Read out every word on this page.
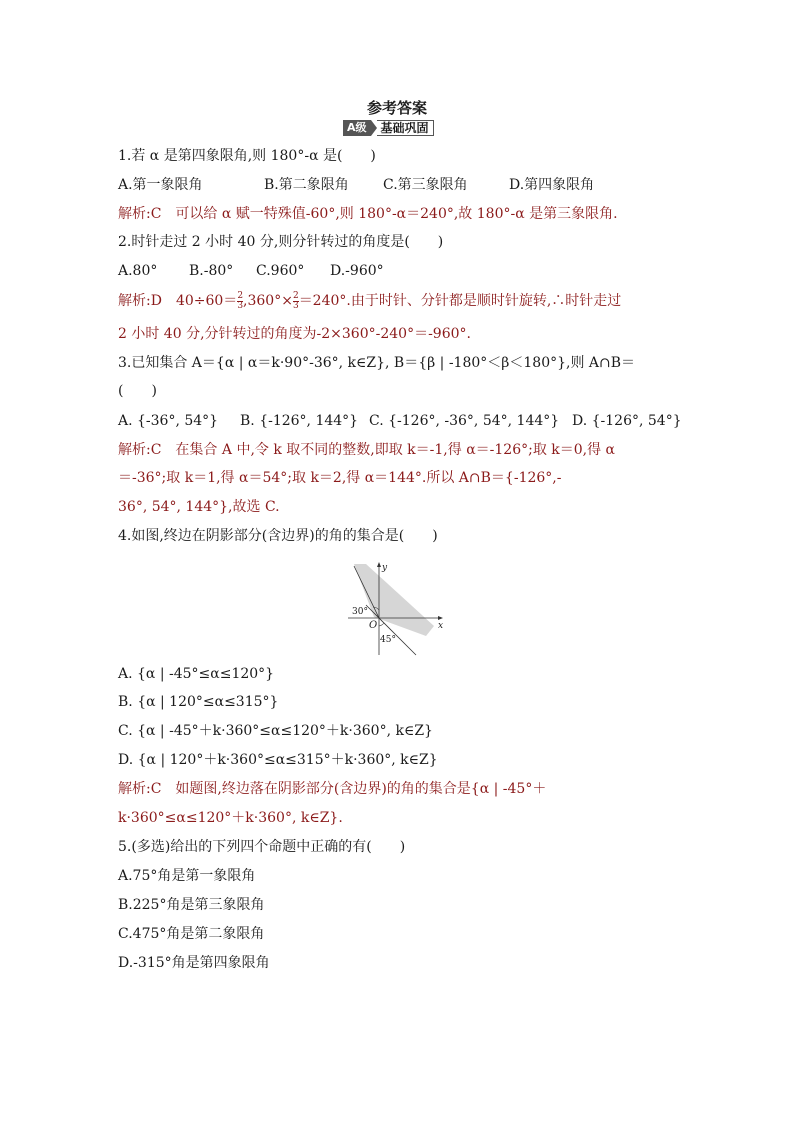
参考答案
A级	基础巩固
1.若 α 是第四象限角,则 180°-α 是(　　)
A.第一象限角	B.第二象限角 C.第三象限角	D.第四象限角
解析:C　可以给 α 赋一特殊值-60°,则 180°-α＝240°,故 180°-α 是第三象限角.
2.时针走过 2 小时 40 分,则分针转过的角度是(　　)
A.80° B.-80° C.960° D.-960°
解析:D　$40\div 60= \frac{2}{3} ,360^\circ\times \frac{2}{3} =240^\circ$.由于时针、分针都是顺时针旋转,∴时针走过
2 小时 40 分,分针转过的角度为-2×360°-240°＝-960°.
3.已知集合 A＝{α | α＝k·90°-36°, k∈Z}, B＝{β | -180°＜β＜180°},则 A∩B＝
(　　)
A. {-36°, 54°} B. {-126°, 144°} C. {-126°, -36°, 54°, 144°} D. {-126°, 54°}
解析:C　在集合 A 中,令 k 取不同的整数,即取 k＝-1,得 α＝-126°;取 k＝0,得 α
＝-36°;取 k＝1,得 α＝54°;取 k＝2,得 α＝144°.所以 A∩B＝{-126°,-
36°, 54°, 144°},故选 C.
4.如图,终边在阴影部分(含边界)的角的集合是(　　)
30°
45°
O	x
y
A. {α | -45°≤α≤120°}
B. {α | 120°≤α≤315°}
C. {α | -45°＋k·360°≤α≤120°＋k·360°, k∈Z}
D. {α | 120°＋k·360°≤α≤315°＋k·360°, k∈Z}
解析:C　如题图,终边落在阴影部分(含边界)的角的集合是{α | -45°＋
k·360°≤α≤120°＋k·360°, k∈Z}.
5.(多选)给出的下列四个命题中正确的有(　　)
A.75°角是第一象限角
B.225°角是第三象限角
C.475°角是第二象限角
D.-315°角是第四象限角
